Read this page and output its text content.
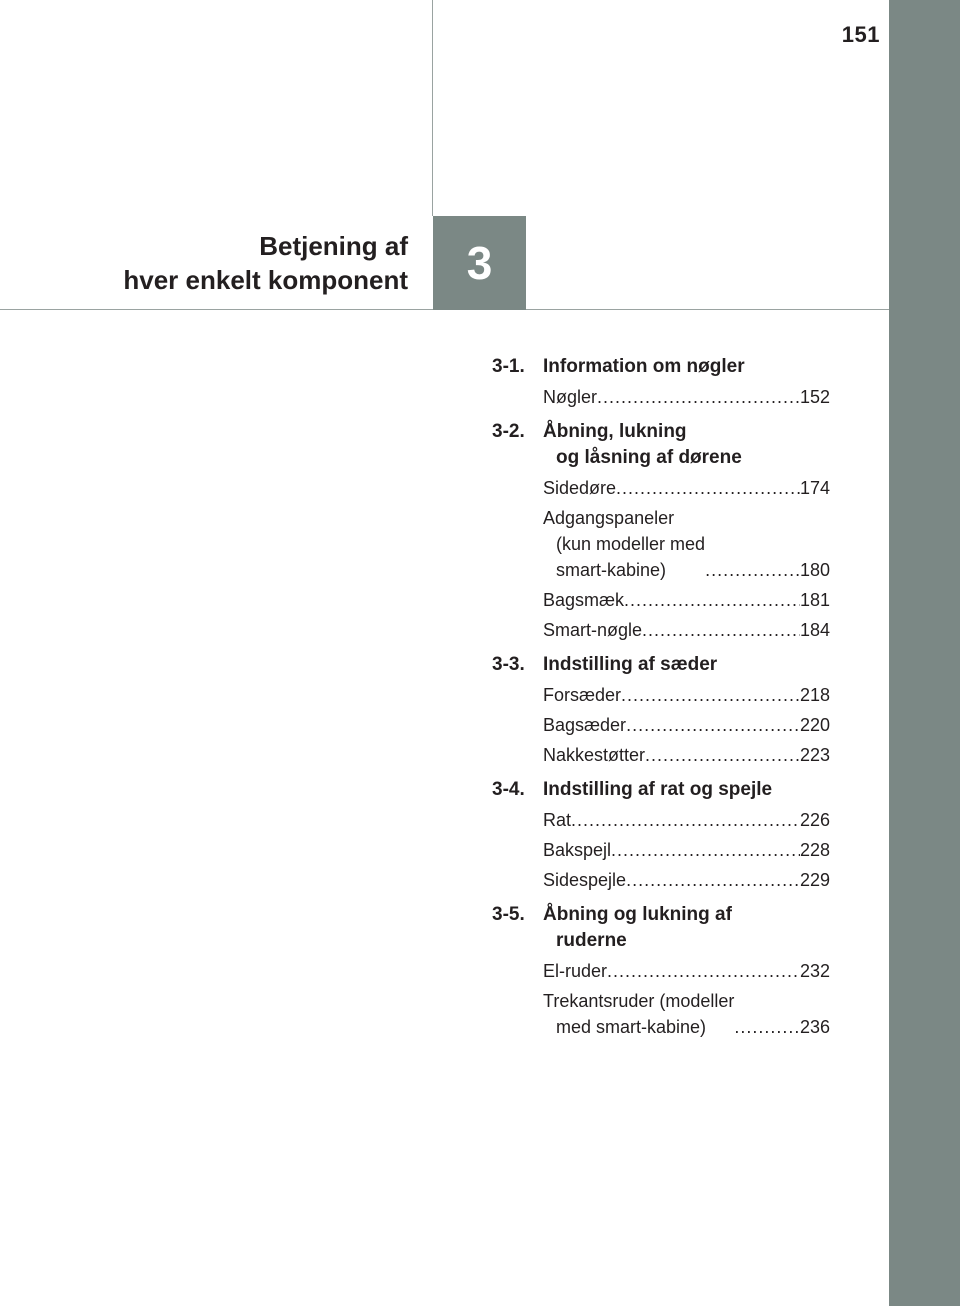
151
3
Betjening af
hver enkelt komponent
3-1. Information om nøgler
Nøgler .....	152
3-2. Åbning, lukning
og låsning af dørene
Sidedøre .....	174
Adgangspaneler
(kun modeller med
smart-kabine) .....	180
Bagsmæk .....	181
Smart-nøgle .....	184
3-3. Indstilling af sæder
Forsæder .....	218
Bagsæder .....	220
Nakkestøtter .....	223
3-4. Indstilling af rat og spejle
Rat .....	226
Bakspejl .....	228
Sidespejle .....	229
3-5. Åbning og lukning af
ruderne
El-ruder .....	232
Trekantsruder (modeller
med smart-kabine) .....	236
